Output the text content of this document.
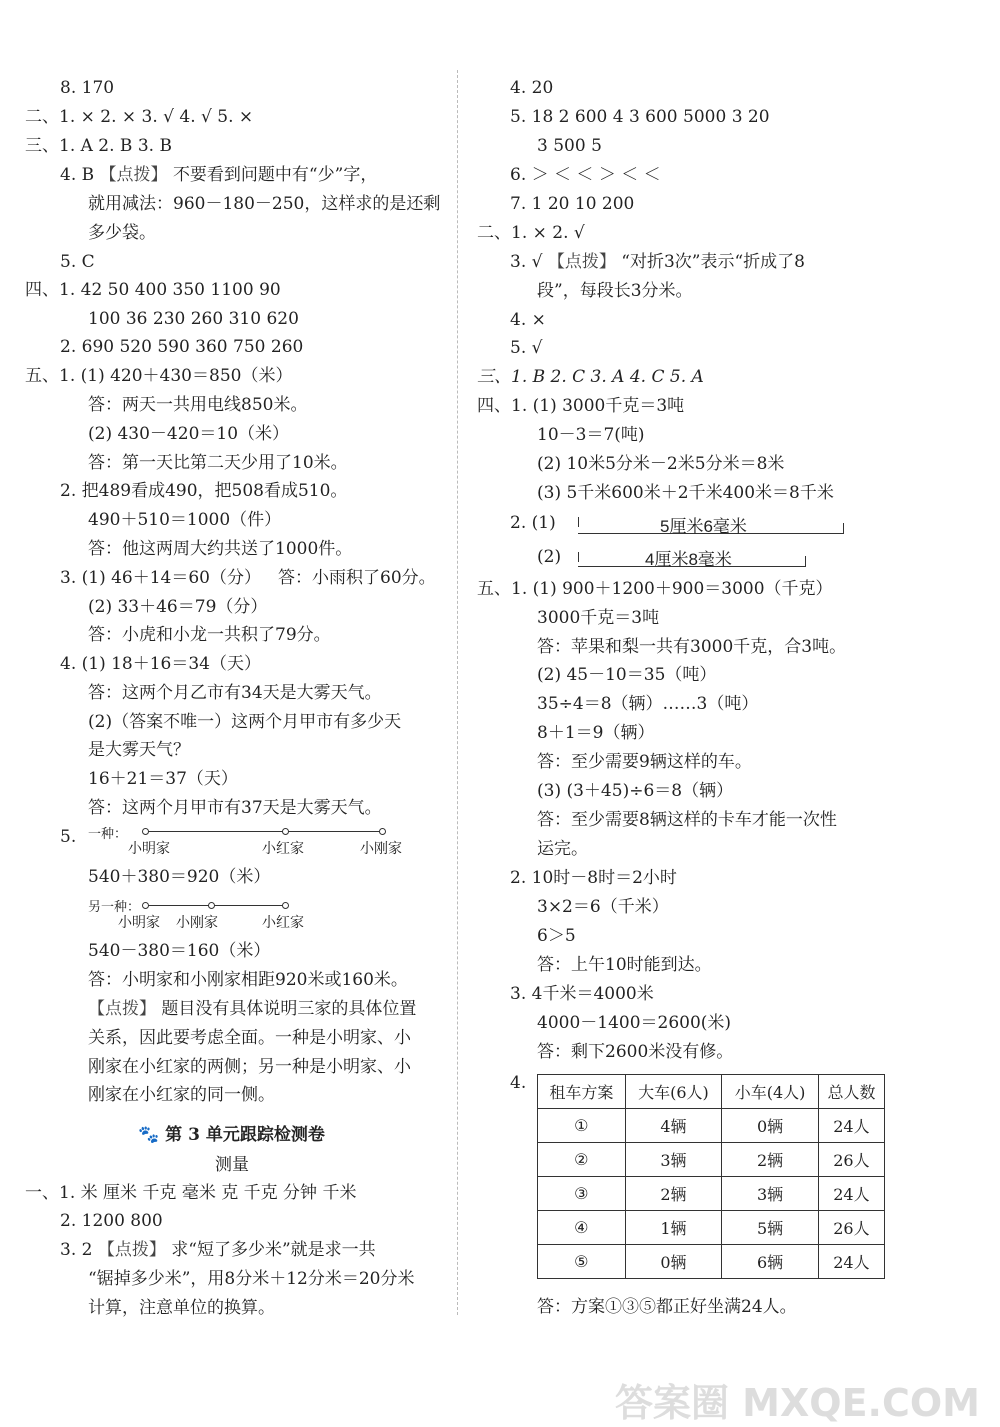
8. 170
二、1. × 2. × 3. √ 4. √ 5. ×
三、1. A 2. B 3. B
4. B 【点拨】 不要看到问题中有“少”字，
就用减法：960－180－250，这样求的是还剩
多少袋。
5. C
四、1. 42 50 400 350 1100 90
100 36 230 260 310 620
2. 690 520 590 360 750 260
五、1. (1) 420＋430＝850（米）
答：两天一共用电线850米。
(2) 430－420＝10（米）
答：第一天比第二天少用了10米。
2. 把489看成490，把508看成510。
490＋510＝1000（件）
答：他这两周大约共送了1000件。
3. (1) 46＋14＝60（分） 答：小雨积了60分。
(2) 33＋46＝79（分）
答：小虎和小龙一共积了79分。
4. (1) 18＋16＝34（天）
答：这两个月乙市有34天是大雾天气。
(2)（答案不唯一）这两个月甲市有多少天
是大雾天气？
16＋21＝37（天）
答：这两个月甲市有37天是大雾天气。
5. 一种：
小明家	小红家	小刚家
540＋380＝920（米）
另一种：
小明家 小刚家	小红家
540－380＝160（米）
答：小明家和小刚家相距920米或160米。
【点拨】 题目没有具体说明三家的具体位置
关系，因此要考虑全面。一种是小明家、小
刚家在小红家的两侧；另一种是小明家、小
刚家在小红家的同一侧。
🐾 第 3 单元跟踪检测卷
测量
一、1. 米 厘米 千克 毫米 克 千克 分钟 千米
2. 1200 800
3. 2 【点拨】 求“短了多少米”就是求一共
“锯掉多少米”，用8分米＋12分米＝20分米
计算，注意单位的换算。
4. 20
5. 18 2 600 4 3 600 5000 3 20
3 500 5
6. ＞ ＜ ＜ ＞ ＜ ＜
7. 1 20 10 200
二、1. × 2. √
3. √ 【点拨】 “对折3次”表示“折成了8
段”，每段长3分米。
4. ×
5. √
三、1. B 2. C 3. A 4. C 5. A
四、1. (1) 3000千克＝3吨
10－3＝7(吨)
(2) 10米5分米－2米5分米＝8米
(3) 5千米600米＋2千米400米＝8千米
2. (1)	5厘米6毫米
(2)	4厘米8毫米
五、1. (1) 900＋1200＋900＝3000（千克）
3000千克＝3吨
答：苹果和梨一共有3000千克，合3吨。
(2) 45－10＝35（吨）
35÷4＝8（辆）……3（吨）
8＋1＝9（辆）
答：至少需要9辆这样的车。
(3) (3＋45)÷6＝8（辆）
答：至少需要8辆这样的卡车才能一次性
运完。
2. 10时－8时＝2小时
3×2＝6（千米）
6＞5
答：上午10时能到达。
3. 4千米＝4000米
4000－1400＝2600(米)
答：剩下2600米没有修。
4. 租车方案	大车(6人)	小车(4人)	总人数
①	4辆	0辆	24人
②	3辆	2辆	26人
③	2辆	3辆	24人
④	1辆	5辆	26人
⑤	0辆	6辆	24人
答：方案①③⑤都正好坐满24人。
答案圈 MXQE.COM
